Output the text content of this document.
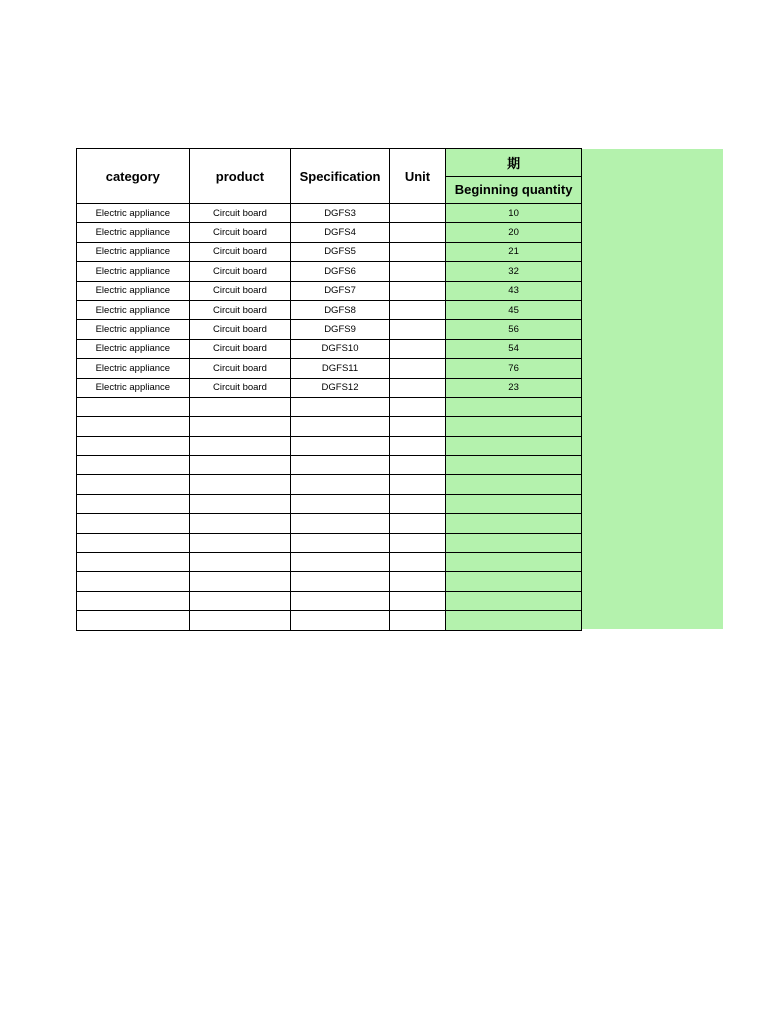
category	product	Specification	Unit	期
				Beginning quantity
Electric appliance	Circuit board	DGFS3		10
Electric appliance	Circuit board	DGFS4		20
Electric appliance	Circuit board	DGFS5		21
Electric appliance	Circuit board	DGFS6		32
Electric appliance	Circuit board	DGFS7		43
Electric appliance	Circuit board	DGFS8		45
Electric appliance	Circuit board	DGFS9		56
Electric appliance	Circuit board	DGFS10		54
Electric appliance	Circuit board	DGFS11		76
Electric appliance	Circuit board	DGFS12		23
